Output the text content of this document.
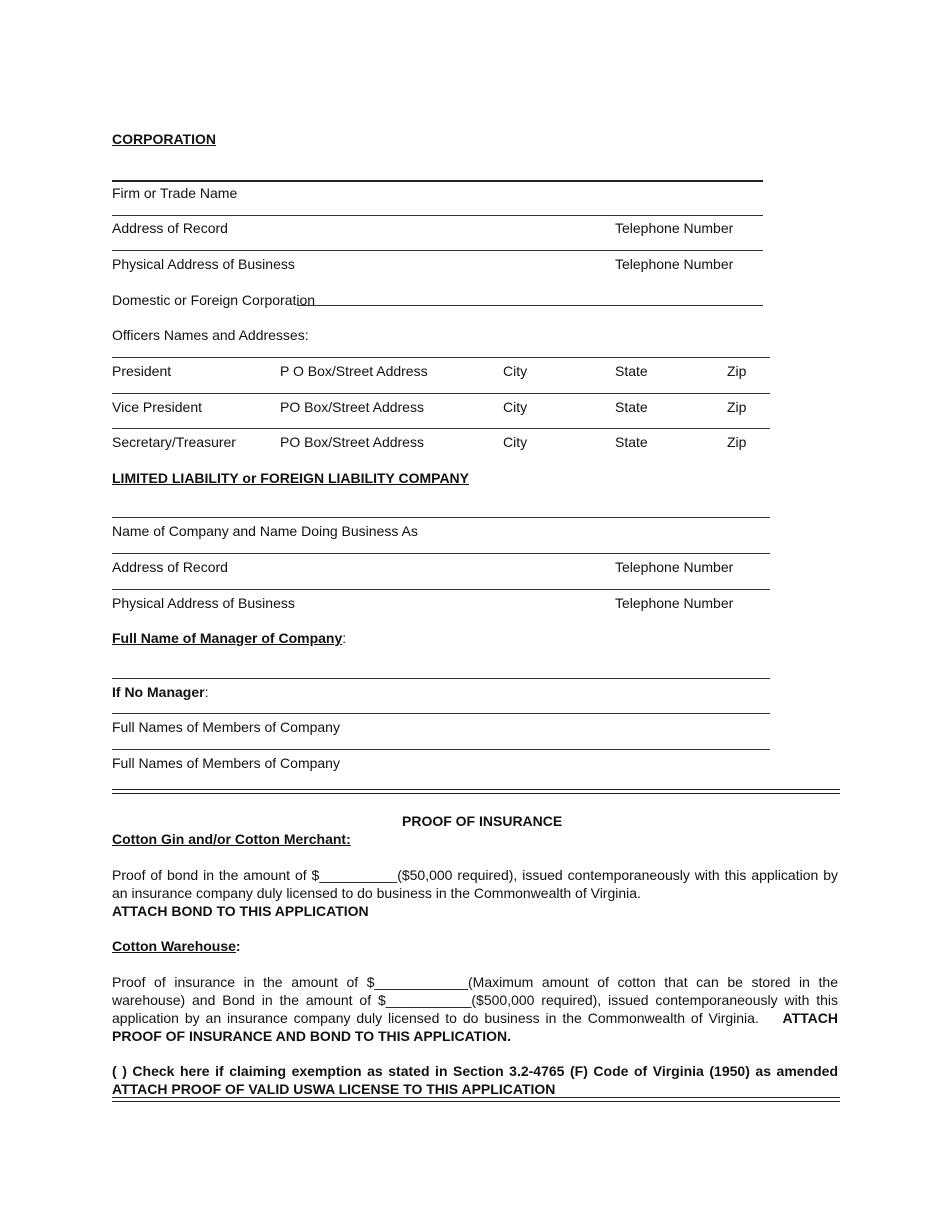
CORPORATION
Firm or Trade Name
Address of Record	Telephone Number
Physical Address of Business	Telephone Number
Domestic or Foreign Corporation
Officers Names and Addresses:
President	P O Box/Street Address	City	State	Zip
Vice President	PO Box/Street Address	City	State	Zip
Secretary/Treasurer	PO Box/Street Address	City	State	Zip
LIMITED LIABILITY or FOREIGN LIABILITY COMPANY
Name of Company and Name Doing Business As
Address of Record	Telephone Number
Physical Address of Business	Telephone Number
Full Name of Manager of Company:
If No Manager:
Full Names of Members of Company
Full Names of Members of Company
PROOF OF INSURANCE
Cotton Gin and/or Cotton Merchant:
Proof of bond in the amount of $__________($50,000 required), issued contemporaneously with this application by an insurance company duly licensed to do business in the Commonwealth of Virginia.
ATTACH BOND TO THIS APPLICATION
Cotton Warehouse:
Proof of insurance in the amount of $____________(Maximum amount of cotton that can be stored in the warehouse) and Bond in the amount of $___________($500,000 required), issued contemporaneously with this application by an insurance company duly licensed to do business in the Commonwealth of Virginia. ATTACH PROOF OF INSURANCE AND BOND TO THIS APPLICATION.
( ) Check here if claiming exemption as stated in Section 3.2-4765 (F) Code of Virginia (1950) as amended ATTACH PROOF OF VALID USWA LICENSE TO THIS APPLICATION
